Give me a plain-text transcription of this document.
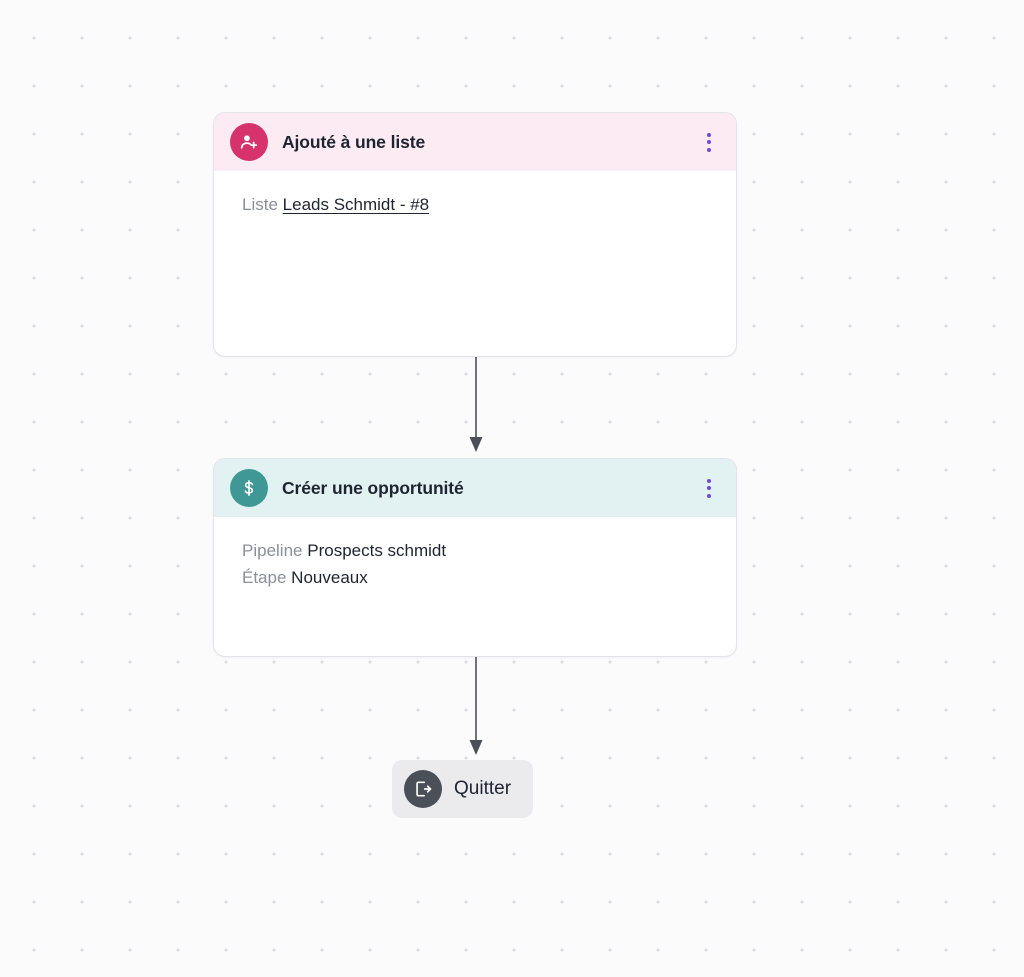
Ajouté à une liste
Liste Leads Schmidt - #8
Créer une opportunité
Pipeline Prospects schmidt
Étape Nouveaux
Quitter
